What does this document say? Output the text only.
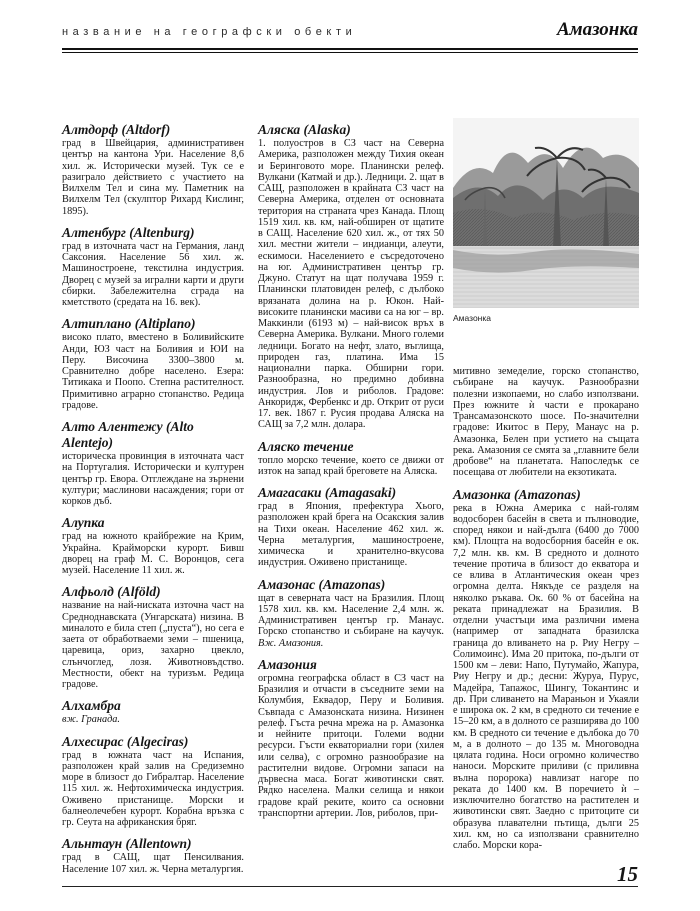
название на географски обекти	Амазонка
Алтдорф (Altdorf)
град в Швейцария, административен център на кантона Ури. Население 8,6 хил. ж. Исторически музей. Тук се е разиграло действието с участието на Вилхелм Тел и сина му. Паметник на Вилхелм Тел (скулптор Рихард Кислинг, 1895).
Алтенбург (Altenburg)
град в източната част на Германия, ланд Саксония. Население 56 хил. ж. Машиностроене, текстилна индустрия. Дворец с музей за игрални карти и други сбирки. Забележителна сграда на кметството (средата на 16. век).
Алтиплано (Altiplano)
високо плато, вместено в Боливийските Анди, ЮЗ част на Боливия и ЮИ на Перу. Височина 3300–3800 м. Сравнително добре населено. Езера: Титикака и Поопо. Степна растителност. Примитивно аграрно стопанство. Редица градове.
Алто Алентежу (Alto Alentejo)
историческа провинция в източната част на Португалия. Исторически и културен център гр. Евора. Отглеждане на зърнени култури; маслинови насаждения; гори от корков дъб.
Алупка
град на южното крайбрежие на Крим, Украйна. Крайморски курорт. Бивш дворец на граф М. С. Воронцов, сега музей. Население 11 хил. ж.
Алфьолд (Alföld)
название на най-ниската източна част на Средноднавската (Унгарската) низина. В миналото е била степ („пуста“), но сега е заета от обработваеми земи – пшеница, царевица, ориз, захарно цвекло, слънчоглед, лозя. Животновъдство. Местности, обект на туризъм. Редица градове.
Алхамбра
вж. Гранада.
Алхесирас (Algeciras)
град в южната част на Испания, разположен край залив на Средиземно море в близост до Гибралтар. Население 115 хил. ж. Нефтохимическа индустрия. Оживено пристанище. Морски и балнеолечебен курорт. Корабна връзка с гр. Сеута на африканския бряг.
Альнтаун (Allentown)
град в САЩ, щат Пенсилвания. Население 107 хил. ж. Черна металургия.
Аляска (Alaska)
1. полуостров в СЗ част на Северна Америка, разположен между Тихия океан и Беринговото море. Планински релеф. Вулкани (Катмай и др.). Ледници. 2. щат в САЩ, разположен в крайната СЗ част на Северна Америка, отделен от основната територия на страната чрез Канада. Площ 1519 хил. кв. км, най-обширен от щатите в САЩ. Население 620 хил. ж., от тях 50 хил. местни жители – индианци, алеути, ескимоси. Населението е съсредоточено на юг. Административен център гр. Джуно. Статут на щат получава 1959 г. Планински платовиден релеф, с дълбоко врязаната долина на р. Юкон. Най-високите планински масиви са на юг – вр. Маккинли (6193 м) – най-висок връх в Северна Америка. Вулкани. Много големи ледници. Богато на нефт, злато, въглища, природен газ, платина. Има 15 национални парка. Обширни гори. Разнообразна, но предимно добивна индустрия. Лов и риболов. Градове: Анкоридж, Фербенкс и др. Открит от руси 17. век. 1867 г. Русия продава Аляска на САЩ за 7,2 млн. долара.
Аляско течение
топло морско течение, което се движи от изток на запад край бреговете на Аляска.
Амагасаки (Amagasaki)
град в Япония, префектура Хього, разположен край брега на Осакския залив на Тихи океан. Население 462 хил. ж. Черна металургия, машиностроене, химическа и хранително-вкусова индустрия. Оживено пристанище.
Амазонас (Amazonas)
щат в северната част на Бразилия. Площ 1578 хил. кв. км. Население 2,4 млн. ж. Административен център гр. Манаус. Горско стопанство и събиране на каучук. Вж. Амазония.
Амазония
огромна географска област в СЗ част на Бразилия и отчасти в съседните земи на Колумбия, Еквадор, Перу и Боливия. Съвпада с Амазонската низина. Низинен релеф. Гъста речна мрежа на р. Амазонка и нейните притоци. Големи водни ресурси. Гъсти екваториални гори (хилея или селва), с огромно разнообразие на растителни видове. Огромни запаси на дървесна маса. Богат животински свят. Рядко населена. Малки селища и някои градове край реките, които са основни транспортни артерии. Лов, риболов, при-
Амазонка
митивно земеделие, горско стопанство, събиране на каучук. Разнообразни полезни изкопаеми, но слабо използвани. През южните ѝ части е прокарано Трансамазонското шосе. По-значителни градове: Икитос в Перу, Манаус на р. Амазонка, Белен при устието на същата река. Амазония се смята за „главните бели дробове“ на планетата. Напоследък се посещава от любители на екзотиката.
Амазонка (Amazonas)
река в Южна Америка с най-голям водосборен басейн в света и пълноводие, според някои и най-дълга (6400 до 7000 км). Площта на водосборния басейн е ок. 7,2 млн. кв. км. В средното и долното течение протича в близост до екватора и се влива в Атлантическия океан чрез огромна делта. Някъде се разделя на няколко ръкава. Ок. 60 % от басейна на реката принадлежат на Бразилия. В отделни участъци има различни имена (например от западната бразилска граница до вливането на р. Риу Негру – Солимоинс). Има 20 притока, по-дълги от 1500 км – леви: Напо, Путумайо, Жапура, Риу Негру и др.; десни: Журуа, Пурус, Мадейра, Тапажос, Шингу, Токантинс и др. При сливането на Мараньон и Укаяли е широка ок. 2 км, в средното си течение е 15–20 км, а в долното се разширява до 100 км. В средното си течение е дълбока до 70 м, а в долното – до 135 м. Многоводна цялата година. Носи огромно количество наноси. Морските приливи (с приливна вълна поророка) навлизат нагоре по реката до 1400 км. В поречието ѝ – изключително богатство на растителен и животински свят. Заедно с притоците си образува плавателни пътища, дълги 25 хил. км, но са използвани сравнително слабо. Морски кора-
15
